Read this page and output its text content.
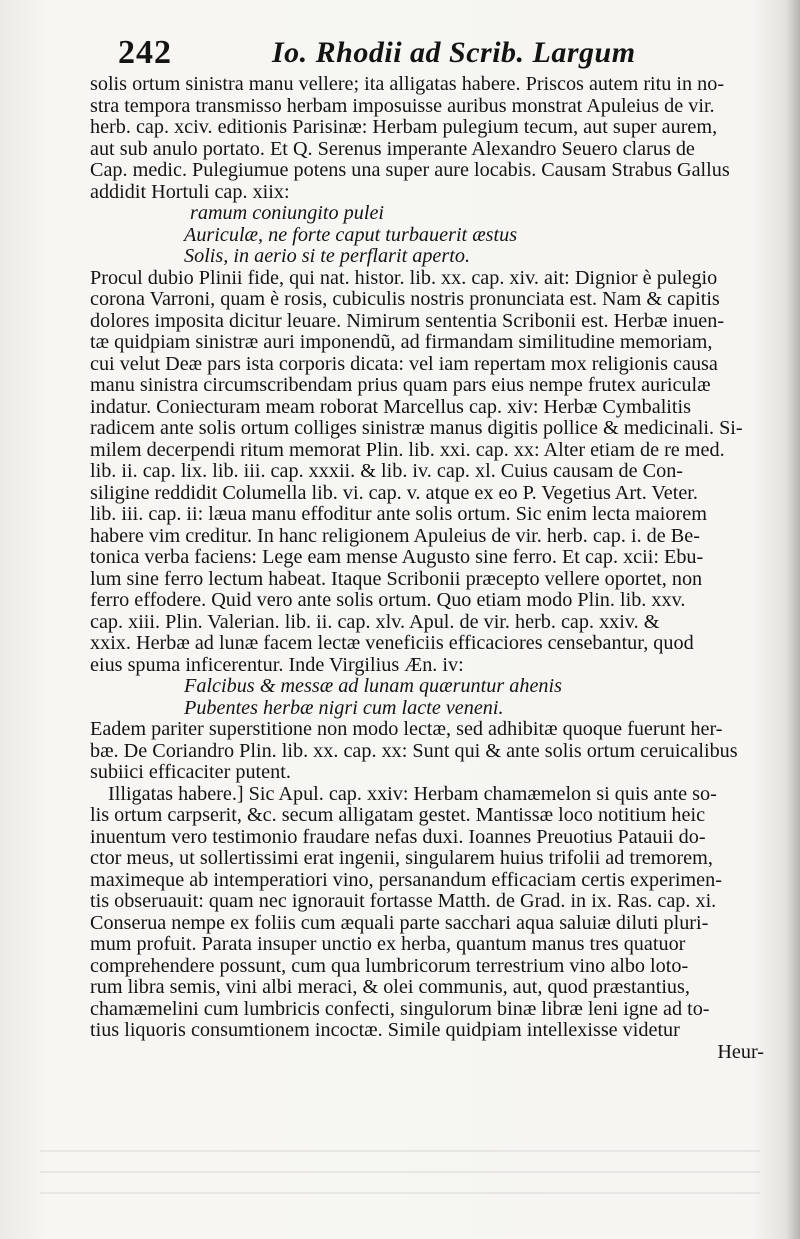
242	Io. Rhodii ad Scrib. Largum
solis ortum sinistra manu vellere; ita alligatas habere. Priscos autem ritu in no-
stra tempora transmisso herbam imposuisse auribus monstrat Apuleius de vir.
herb. cap. xciv. editionis Parisinæ: Herbam pulegium tecum, aut super aurem,
aut sub anulo portato. Et Q. Serenus imperante Alexandro Seuero clarus de
Cap. medic. Pulegiumue potens una super aure locabis. Causam Strabus Gallus
addidit Hortuli cap. xiix:
ramum coniungito pulei
Auriculæ, ne forte caput turbauerit æstus
Solis, in aerio si te perflarit aperto.
Procul dubio Plinii fide, qui nat. histor. lib. xx. cap. xiv. ait: Dignior è pulegio
corona Varroni, quam è rosis, cubiculis nostris pronunciata est. Nam & capitis
dolores imposita dicitur leuare. Nimirum sententia Scribonii est. Herbæ inuen-
tæ quidpiam sinistræ auri imponendũ, ad firmandam similitudine memoriam,
cui velut Deæ pars ista corporis dicata: vel iam repertam mox religionis causa
manu sinistra circumscribendam prius quam pars eius nempe frutex auriculæ
indatur. Coniecturam meam roborat Marcellus cap. xiv: Herbæ Cymbalitis
radicem ante solis ortum colliges sinistræ manus digitis pollice & medicinali. Si-
milem decerpendi ritum memorat Plin. lib. xxi. cap. xx: Alter etiam de re med.
lib. ii. cap. lix. lib. iii. cap. xxxii. & lib. iv. cap. xl. Cuius causam de Con-
siligine reddidit Columella lib. vi. cap. v. atque ex eo P. Vegetius Art. Veter.
lib. iii. cap. ii: læua manu effoditur ante solis ortum. Sic enim lecta maiorem
habere vim creditur. In hanc religionem Apuleius de vir. herb. cap. i. de Be-
tonica verba faciens: Lege eam mense Augusto sine ferro. Et cap. xcii: Ebu-
lum sine ferro lectum habeat. Itaque Scribonii præcepto vellere oportet, non
ferro effodere. Quid vero ante solis ortum. Quo etiam modo Plin. lib. xxv.
cap. xiii. Plin. Valerian. lib. ii. cap. xlv. Apul. de vir. herb. cap. xxiv. &
xxix. Herbæ ad lunæ facem lectæ veneficiis efficaciores censebantur, quod
eius spuma inficerentur. Inde Virgilius Æn. iv:
Falcibus & messæ ad lunam quæruntur ahenis
Pubentes herbæ nigri cum lacte veneni.
Eadem pariter superstitione non modo lectæ, sed adhibitæ quoque fuerunt her-
bæ. De Coriandro Plin. lib. xx. cap. xx: Sunt qui & ante solis ortum ceruicalibus
subiici efficaciter putent.
Illigatas habere.] Sic Apul. cap. xxiv: Herbam chamæmelon si quis ante so-
lis ortum carpserit, &c. secum alligatam gestet. Mantissæ loco notitium heic
inuentum vero testimonio fraudare nefas duxi. Ioannes Preuotius Patauii do-
ctor meus, ut sollertissimi erat ingenii, singularem huius trifolii ad tremorem,
maximeque ab intemperatiori vino, persanandum efficaciam certis experimen-
tis obseruauit: quam nec ignorauit fortasse Matth. de Grad. in ix. Ras. cap. xi.
Conserua nempe ex foliis cum æquali parte sacchari aqua saluiæ diluti pluri-
mum profuit. Parata insuper unctio ex herba, quantum manus tres quatuor
comprehendere possunt, cum qua lumbricorum terrestrium vino albo loto-
rum libra semis, vini albi meraci, & olei communis, aut, quod præstantius,
chamæmelini cum lumbricis confecti, singulorum binæ libræ leni igne ad to-
tius liquoris consumtionem incoctæ. Simile quidpiam intellexisse videtur
Heur-
